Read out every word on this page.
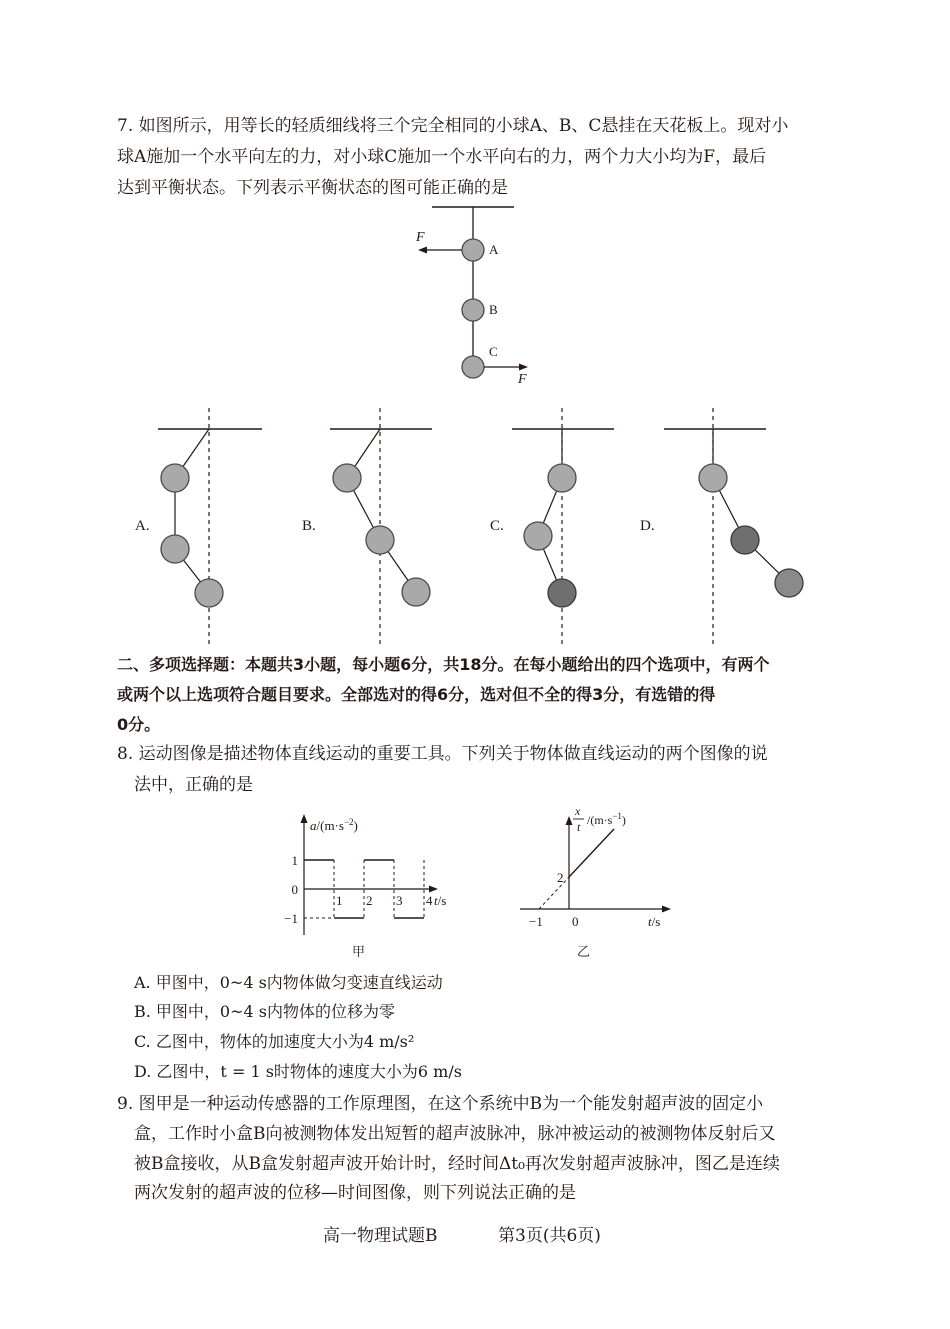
7. 如图所示，用等长的轻质细线将三个完全相同的小球A、B、C悬挂在天花板上。现对小
球A施加一个水平向左的力，对小球C施加一个水平向右的力，两个力大小均为F，最后
达到平衡状态。下列表示平衡状态的图可能正确的是
F
F
A
B
C
A.	B.	C.	D.
二、多项选择题：本题共3小题，每小题6分，共18分。在每小题给出的四个选项中，有两个
或两个以上选项符合题目要求。全部选对的得6分，选对但不全的得3分，有选错的得
0分。
8. 运动图像是描述物体直线运动的重要工具。下列关于物体做直线运动的两个图像的说
法中，正确的是
$a/(m\cdot s^{-2})$
t/s
1 2 3 4
1
0
−1
甲
x
t $/(m\cdot s^{-1})$
t/s
−1 0
2
乙
A. 甲图中，0~4 s内物体做匀变速直线运动
B. 甲图中，0~4 s内物体的位移为零
C. 乙图中，物体的加速度大小为4 m/s²
D. 乙图中，t = 1 s时物体的速度大小为6 m/s
9. 图甲是一种运动传感器的工作原理图，在这个系统中B为一个能发射超声波的固定小
盒，工作时小盒B向被测物体发出短暂的超声波脉冲，脉冲被运动的被测物体反射后又
被B盒接收，从B盒发射超声波开始计时，经时间Δt₀再次发射超声波脉冲，图乙是连续
两次发射的超声波的位移—时间图像，则下列说法正确的是
高一物理试题B	第3页(共6页)
